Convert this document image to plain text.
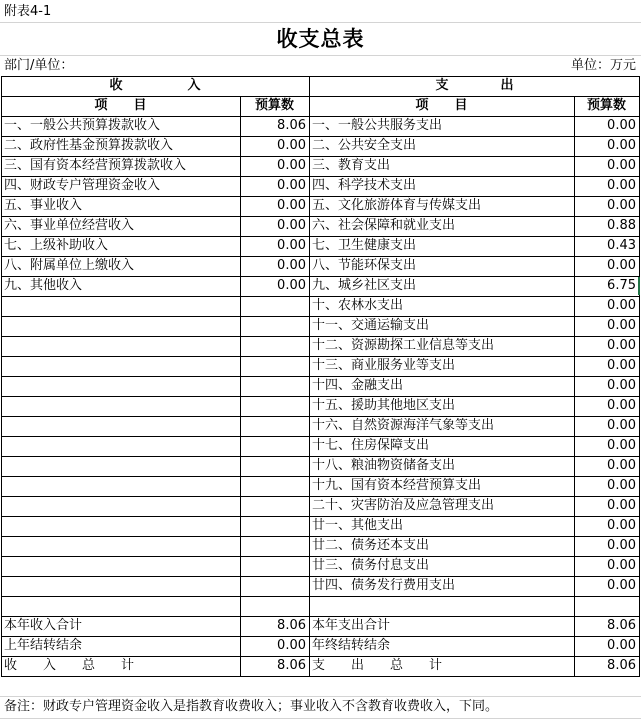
附表4-1
收支总表
部门/单位：	单位：万元
收　　　　　入	支　　　　出
项　　目	预算数	项　　目	预算数
一、一般公共预算拨款收入	8.06 一、一般公共服务支出	0.00
二、政府性基金预算拨款收入	0.00 二、公共安全支出	0.00
三、国有资本经营预算拨款收入	0.00 三、教育支出	0.00
四、财政专户管理资金收入	0.00 四、科学技术支出	0.00
五、事业收入	0.00 五、文化旅游体育与传媒支出	0.00
六、事业单位经营收入	0.00 六、社会保障和就业支出	0.88
七、上级补助收入	0.00 七、卫生健康支出	0.43
八、附属单位上缴收入	0.00 八、节能环保支出	0.00
九、其他收入	0.00 九、城乡社区支出	6.75
十、农林水支出	0.00
十一、交通运输支出	0.00
十二、资源勘探工业信息等支出	0.00
十三、商业服务业等支出	0.00
十四、金融支出	0.00
十五、援助其他地区支出	0.00
十六、自然资源海洋气象等支出	0.00
十七、住房保障支出	0.00
十八、粮油物资储备支出	0.00
十九、国有资本经营预算支出	0.00
二十、灾害防治及应急管理支出	0.00
廿一、其他支出	0.00
廿二、债务还本支出	0.00
廿三、债务付息支出	0.00
廿四、债务发行费用支出	0.00
本年收入合计	8.06 本年支出合计	8.06
上年结转结余	0.00 年终结转结余	0.00
收　　入　　总　　计	8.06 支　　出　　总　　计	8.06
备注：财政专户管理资金收入是指教育收费收入；事业收入不含教育收费收入，下同。
